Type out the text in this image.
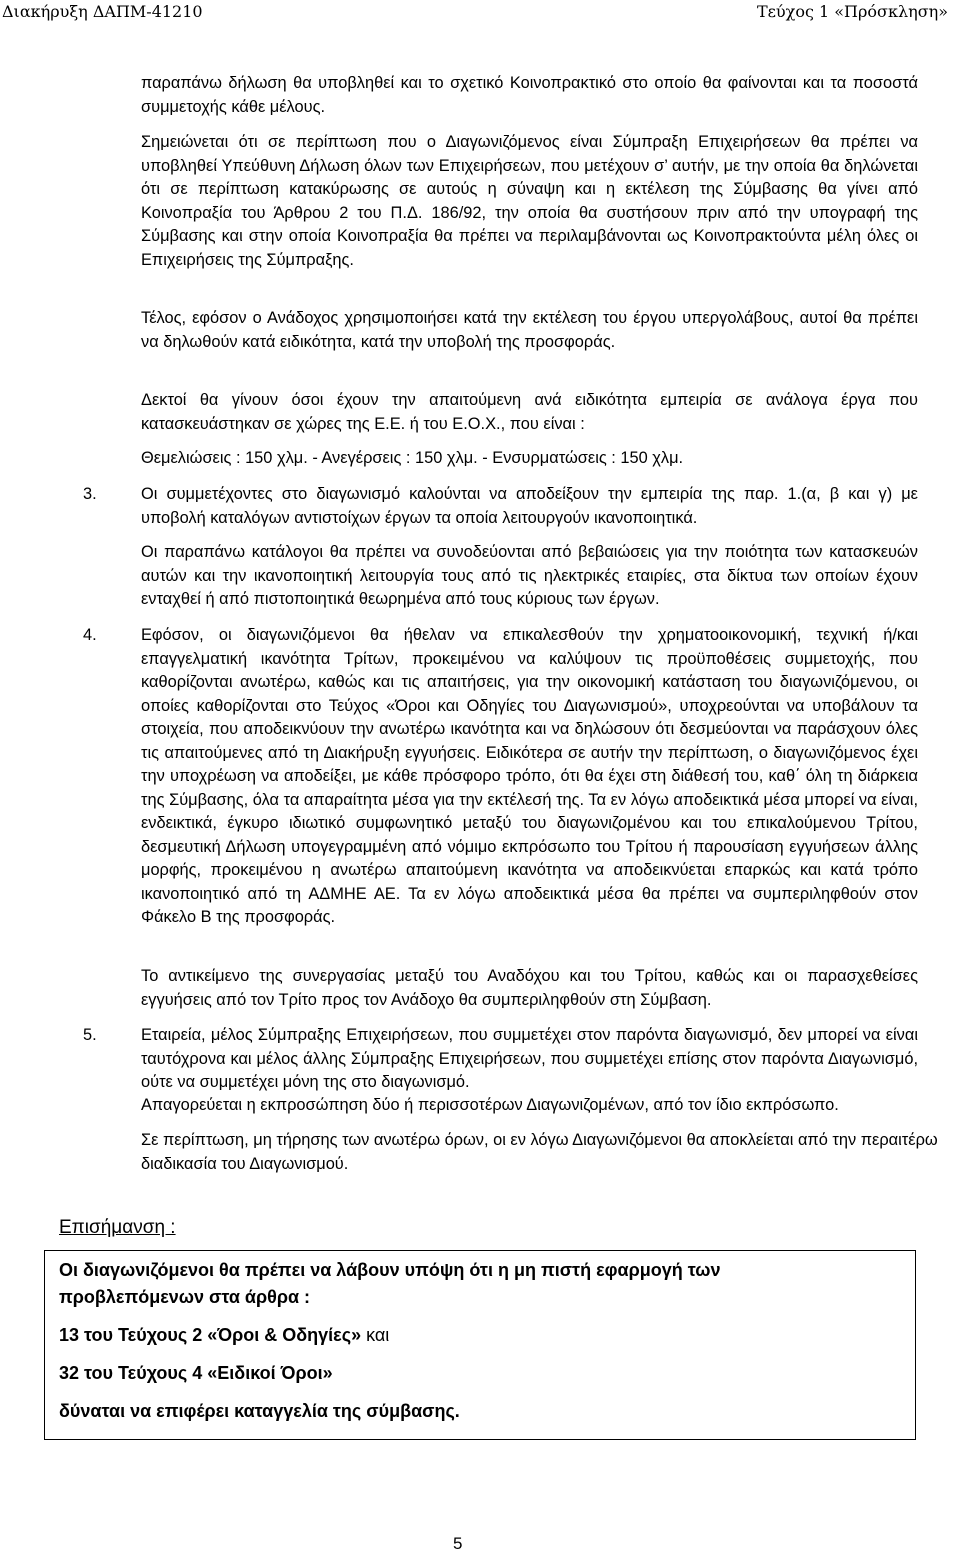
Διακήρυξη ΔΑΠΜ-41210	Τεύχος 1 «Πρόσκληση»

παραπάνω δήλωση θα υποβληθεί και το σχετικό Κοινοπρακτικό στο οποίο θα φαίνονται και τα ποσοστά συμμετοχής κάθε μέλους.

Σημειώνεται ότι σε περίπτωση που ο Διαγωνιζόμενος είναι Σύμπραξη Επιχειρήσεων θα πρέπει να υποβληθεί Υπεύθυνη Δήλωση όλων των Επιχειρήσεων, που μετέχουν σ’ αυτήν, με την οποία θα δηλώνεται ότι σε περίπτωση κατακύρωσης σε αυτούς η σύναψη και η εκτέλεση της Σύμβασης θα γίνει από Κοινοπραξία του Άρθρου 2 του Π.Δ. 186/92, την οποία θα συστήσουν πριν από την υπογραφή της Σύμβασης και στην οποία Κοινοπραξία θα πρέπει να περιλαμβάνονται ως Κοινοπρακτούντα μέλη όλες οι Επιχειρήσεις της Σύμπραξης.

Τέλος, εφόσον ο Ανάδοχος χρησιμοποιήσει κατά την εκτέλεση του έργου υπεργολάβους, αυτοί θα πρέπει να δηλωθούν κατά ειδικότητα, κατά την υποβολή της προσφοράς.

Δεκτοί θα γίνουν όσοι έχουν την απαιτούμενη ανά ειδικότητα εμπειρία σε ανάλογα έργα που κατασκευάστηκαν σε χώρες της Ε.Ε. ή του Ε.Ο.Χ., που είναι :

Θεμελιώσεις : 150 χλμ. - Ανεγέρσεις : 150 χλμ. - Ενσυρματώσεις : 150 χλμ.

3.	Οι συμμετέχοντες στο διαγωνισμό καλούνται να αποδείξουν την εμπειρία της παρ. 1.(α, β και γ) με υποβολή καταλόγων αντιστοίχων έργων τα οποία λειτουργούν ικανοποιητικά.

Οι παραπάνω κατάλογοι θα πρέπει να συνοδεύονται από βεβαιώσεις για την ποιότητα των κατασκευών αυτών και την ικανοποιητική λειτουργία τους από τις ηλεκτρικές εταιρίες, στα δίκτυα των οποίων έχουν ενταχθεί ή από πιστοποιητικά θεωρημένα από τους κύριους των έργων.

4.	Εφόσον, οι διαγωνιζόμενοι θα ήθελαν να επικαλεσθούν την χρηματοοικονομική, τεχνική ή/και επαγγελματική ικανότητα Τρίτων, προκειμένου να καλύψουν τις προϋποθέσεις συμμετοχής, που καθορίζονται ανωτέρω, καθώς και τις απαιτήσεις, για την οικονομική κατάσταση του διαγωνιζόμενου, οι οποίες καθορίζονται στο Τεύχος «Όροι και Οδηγίες του Διαγωνισμού», υποχρεούνται να υποβάλουν τα στοιχεία, που αποδεικνύουν την ανωτέρω ικανότητα και να δηλώσουν ότι δεσμεύονται να παράσχουν όλες τις απαιτούμενες από τη Διακήρυξη εγγυήσεις. Ειδικότερα σε αυτήν την περίπτωση, ο διαγωνιζόμενος έχει την υποχρέωση να αποδείξει, με κάθε πρόσφορο τρόπο, ότι θα έχει στη διάθεσή του, καθ΄ όλη τη διάρκεια της Σύμβασης, όλα τα απαραίτητα μέσα για την εκτέλεσή της. Τα εν λόγω αποδεικτικά μέσα μπορεί να είναι, ενδεικτικά, έγκυρο ιδιωτικό συμφωνητικό μεταξύ του διαγωνιζομένου και του επικαλούμενου Τρίτου, δεσμευτική Δήλωση υπογεγραμμένη από νόμιμο εκπρόσωπο του Τρίτου ή παρουσίαση εγγυήσεων άλλης μορφής, προκειμένου η ανωτέρω απαιτούμενη ικανότητα να αποδεικνύεται επαρκώς και κατά τρόπο ικανοποιητικό από τη ΑΔΜΗΕ ΑΕ. Τα εν λόγω αποδεικτικά μέσα θα πρέπει να συμπεριληφθούν στον Φάκελο Β της προσφοράς.

Το αντικείμενο της συνεργασίας μεταξύ του Αναδόχου και του Τρίτου, καθώς και οι παρασχεθείσες εγγυήσεις από τον Τρίτο προς τον Ανάδοχο θα συμπεριληφθούν στη Σύμβαση.

5.	Εταιρεία, μέλος Σύμπραξης Επιχειρήσεων, που συμμετέχει στον παρόντα διαγωνισμό, δεν μπορεί να είναι ταυτόχρονα και μέλος άλλης Σύμπραξης Επιχειρήσεων, που συμμετέχει επίσης στον παρόντα Διαγωνισμό, ούτε να συμμετέχει μόνη της στο διαγωνισμό.

Απαγορεύεται η εκπροσώπηση δύο ή περισσοτέρων Διαγωνιζομένων, από τον ίδιο εκπρόσωπο.

Σε περίπτωση, μη τήρησης των ανωτέρω όρων, οι εν λόγω Διαγωνιζόμενοι θα αποκλείεται από την περαιτέρω διαδικασία του Διαγωνισμού.

Επισήμανση :
Οι διαγωνιζόμενοι θα πρέπει να λάβουν υπόψη ότι η μη πιστή εφαρμογή των
προβλεπόμενων στα άρθρα :
13 του Τεύχους 2 «Όροι & Οδηγίες» και
32 του Τεύχους 4 «Ειδικοί Όροι»
δύναται να επιφέρει καταγγελία της σύμβασης.
5
